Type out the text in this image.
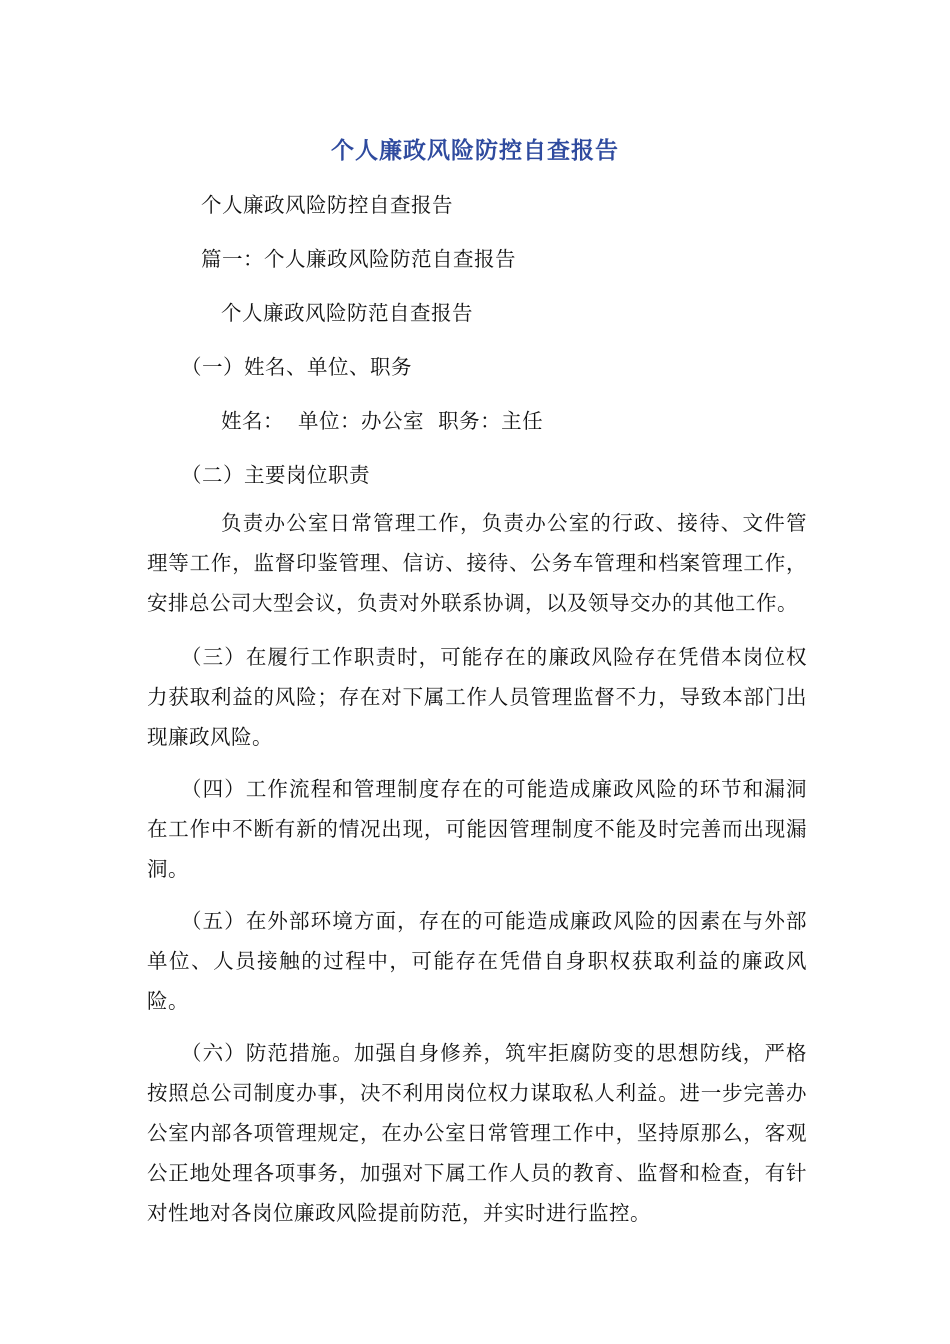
个人廉政风险防控自查报告
个人廉政风险防控自查报告
篇一：个人廉政风险防范自查报告
个人廉政风险防范自查报告
（一）姓名、单位、职务
姓名：  单位：办公室  职务：主任
（二）主要岗位职责
负责办公室日常管理工作，负责办公室的行政、接待、文件管理等工作，监督印鉴管理、信访、接待、公务车管理和档案管理工作，安排总公司大型会议，负责对外联系协调，以及领导交办的其他工作。
（三）在履行工作职责时，可能存在的廉政风险存在凭借本岗位权力获取利益的风险；存在对下属工作人员管理监督不力，导致本部门出现廉政风险。
（四）工作流程和管理制度存在的可能造成廉政风险的环节和漏洞在工作中不断有新的情况出现，可能因管理制度不能及时完善而出现漏洞。
（五）在外部环境方面，存在的可能造成廉政风险的因素在与外部单位、人员接触的过程中，可能存在凭借自身职权获取利益的廉政风险。
（六）防范措施。加强自身修养，筑牢拒腐防变的思想防线，严格按照总公司制度办事，决不利用岗位权力谋取私人利益。进一步完善办公室内部各项管理规定，在办公室日常管理工作中，坚持原那么，客观公正地处理各项事务，加强对下属工作人员的教育、监督和检查，有针对性地对各岗位廉政风险提前防范，并实时进行监控。
